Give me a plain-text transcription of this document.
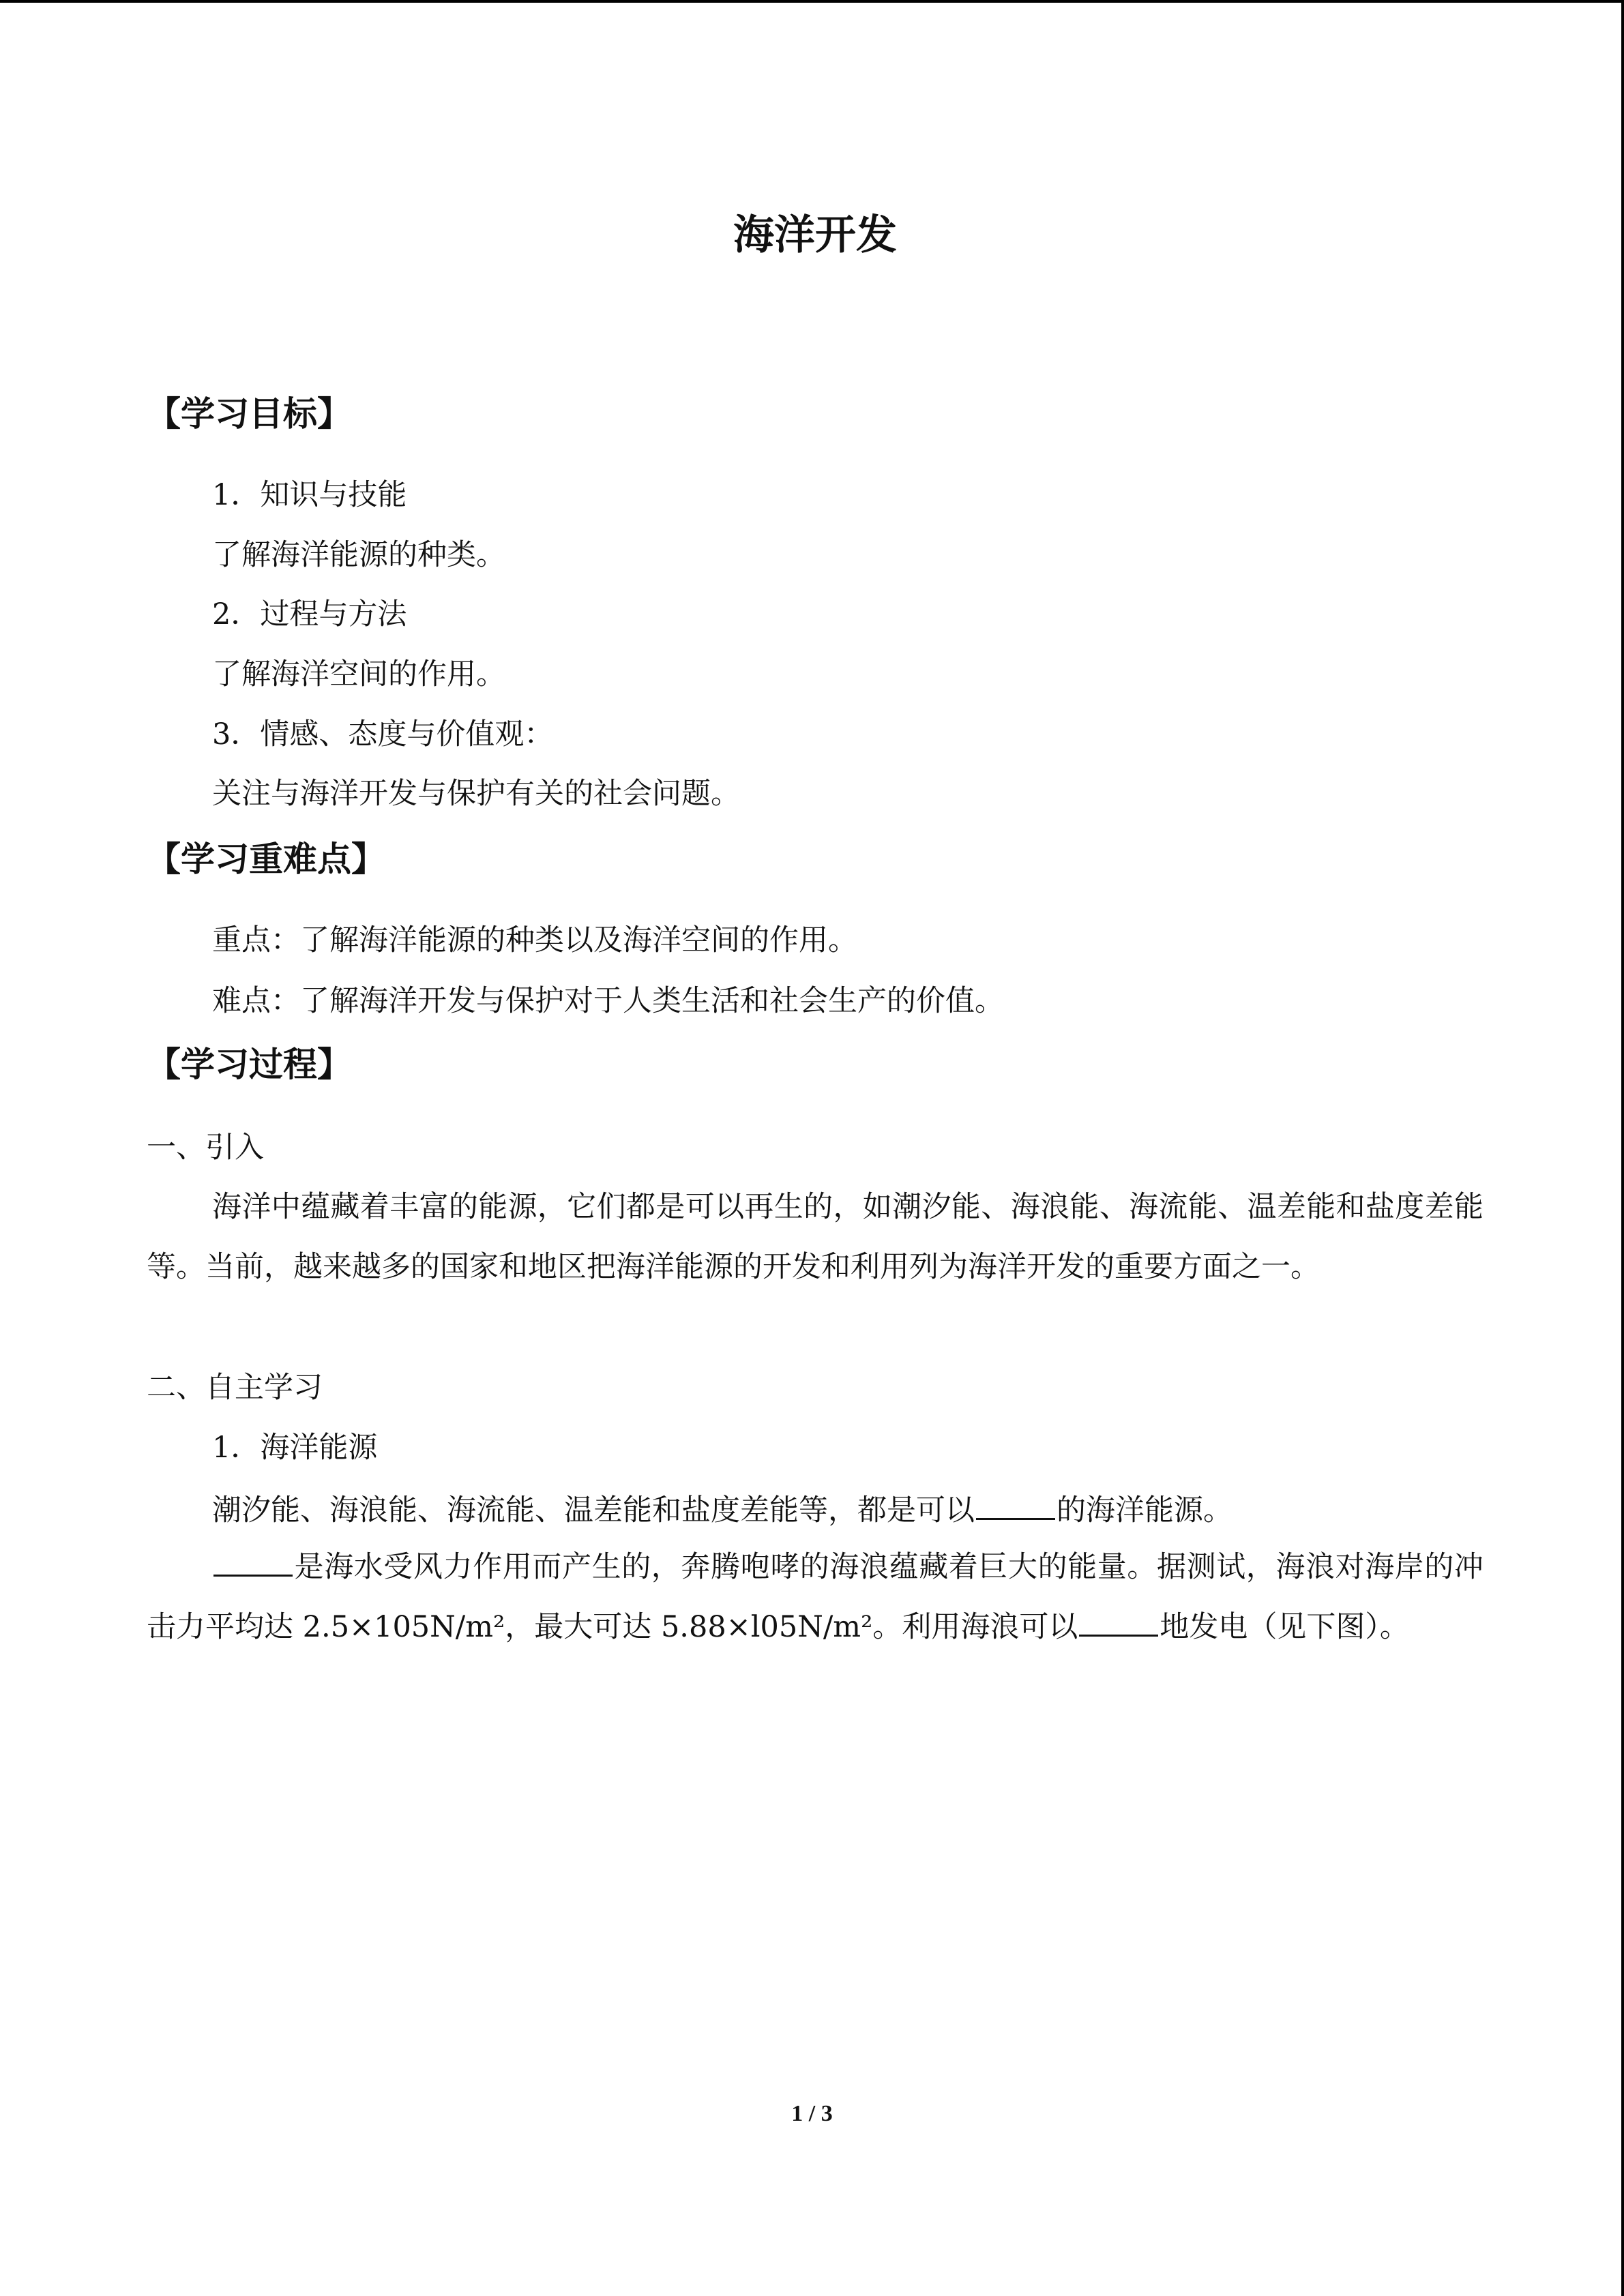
海洋开发
【学习目标】
1．知识与技能
了解海洋能源的种类。
2．过程与方法
了解海洋空间的作用。
3．情感、态度与价值观：
关注与海洋开发与保护有关的社会问题。
【学习重难点】
重点：了解海洋能源的种类以及海洋空间的作用。
难点：了解海洋开发与保护对于人类生活和社会生产的价值。
【学习过程】
一、引入
海洋中蕴藏着丰富的能源，它们都是可以再生的，如潮汐能、海浪能、海流能、温差能和盐度差能等。当前，越来越多的国家和地区把海洋能源的开发和利用列为海洋开发的重要方面之一。
二、自主学习
1．海洋能源
潮汐能、海浪能、海流能、温差能和盐度差能等，都是可以	的海洋能源。
是海水受风力作用而产生的，奔腾咆哮的海浪蕴藏着巨大的能量。据测试，海浪对海岸的冲击力平均达 2.5×105N/m²，最大可达 5.88×l05N/m²。利用海浪可以	地发电（见下图）。
1 / 3
